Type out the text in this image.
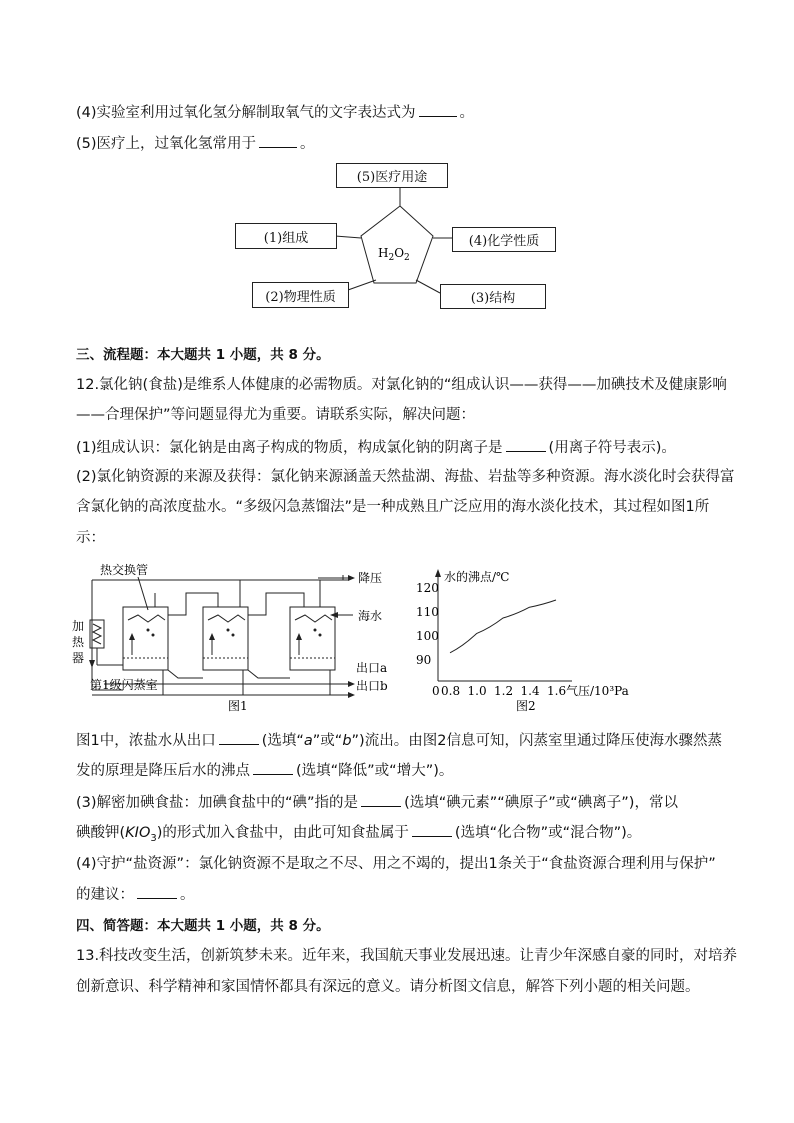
(4)实验室利用过氧化氢分解制取氧气的文字表达式为	。
(5)医疗上，过氧化氢常用于	。
$H_2O_2$
(5)医疗用途
(1)组成	(4)化学性质
(2)物理性质	(3)结构
三、流程题：本大题共 1 小题，共 8 分。
12.氯化钠(食盐)是维系人体健康的必需物质。对氯化钠的“组成认识——获得——加碘技术及健康影响
——合理保护”等问题显得尤为重要。请联系实际，解决问题：
(1)组成认识：氯化钠是由离子构成的物质，构成氯化钠的阴离子是	(用离子符号表示)。
(2)氯化钠资源的来源及获得：氯化钠来源涵盖天然盐湖、海盐、岩盐等多种资源。海水淡化时会获得富
含氯化钠的高浓度盐水。“多级闪急蒸馏法”是一种成熟且广泛应用的海水淡化技术，其过程如图1所
示：
热交换管
降压
海水
加
热
器
出口a
出口b
第1级闪蒸室
图1
120
110
100
90
0 0.8 1.0 1.2 1.4 1.6
水的沸点/℃
气压/10³Pa
图2
图1中，浓盐水从出口	(选填“a”或“b”)流出。由图2信息可知，闪蒸室里通过降压使海水骤然蒸
发的原理是降压后水的沸点	(选填“降低”或“增大”)。
(3)解密加碘食盐：加碘食盐中的“碘”指的是	(选填“碘元素”“碘原子”或“碘离子”)，常以
碘酸钾$(KIO_3)$的形式加入食盐中，由此可知食盐属于	(选填“化合物”或“混合物”)。
(4)守护“盐资源”：氯化钠资源不是取之不尽、用之不竭的，提出1条关于“食盐资源合理利用与保护”
的建议：	。
四、简答题：本大题共 1 小题，共 8 分。
13.科技改变生活，创新筑梦未来。近年来，我国航天事业发展迅速。让青少年深感自豪的同时，对培养
创新意识、科学精神和家国情怀都具有深远的意义。请分析图文信息，解答下列小题的相关问题。
